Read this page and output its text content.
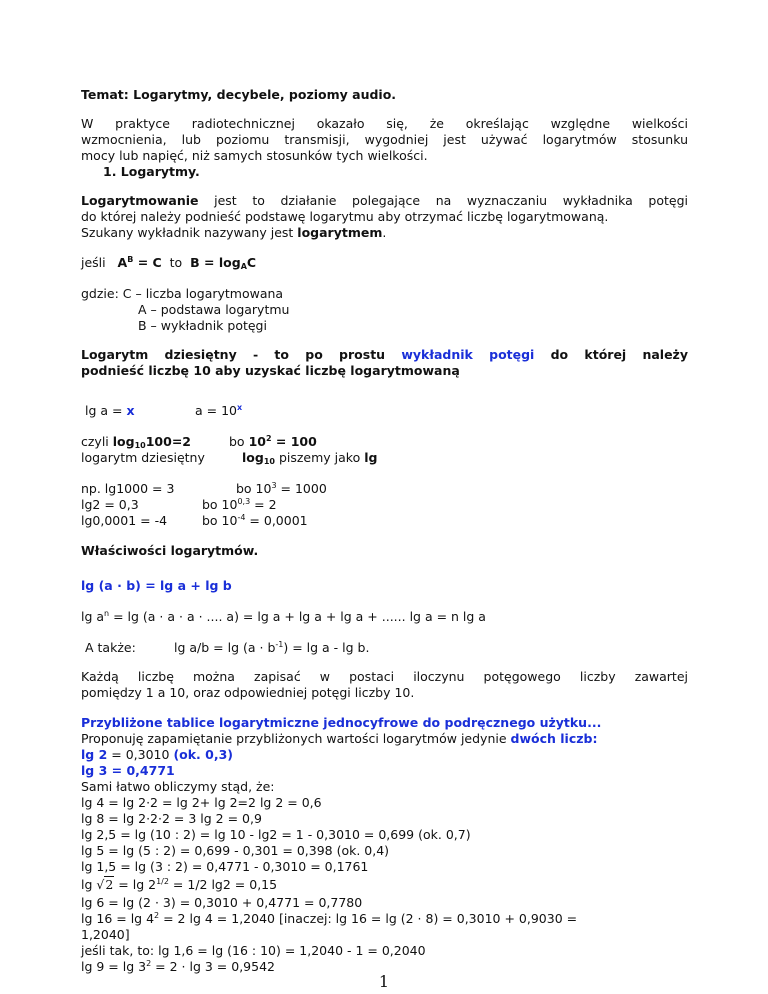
Temat: Logarytmy, decybele, poziomy audio.
W praktyce radiotechnicznej okazało się, że określając względne wielkości
wzmocnienia, lub poziomu transmisji, wygodniej jest używać logarytmów stosunku
mocy lub napięć, niż samych stosunków tych wielkości.
1. Logarytmy.
Logarytmowanie jest to działanie polegające na wyznaczaniu wykładnika potęgi
do której należy podnieść podstawę logarytmu aby otrzymać liczbę logarytmowaną.
Szukany wykładnik nazywany jest logarytmem.
jeśli $A^B = C$ to $B = \log_AC$
gdzie: C – liczba logarytmowana
A – podstawa logarytmu
B – wykładnik potęgi
Logarytm dziesiętny - to po prostu wykładnik potęgi do której należy
podnieść liczbę 10 aby uzyskać liczbę logarytmowaną
lg a = x	$a = 10^x$
czyli $\log_{10}100=2$	bo $10^2 = 100$
logarytm dziesiętny	$\log_{10}$ piszemy jako lg
np. lg1000 = 3	bo $10^3 = 1000$
lg2 = 0,3	bo $10^{0,3} = 2$
lg0,0001 = -4	bo $10^{-4} = 0,0001$
Właściwości logarytmów.
lg (a · b) = lg a + lg b
$\lg a^n = \lg (a \cdot a \cdot a$ · .... a) = lg a + lg a + lg a + ...... lg a = n lg a
A także:	$\lg a/b = \lg (a \cdot b^{-1}) = \lg a - \lg b$.
Każdą liczbę można zapisać w postaci iloczynu potęgowego liczby zawartej
pomiędzy 1 a 10, oraz odpowiedniej potęgi liczby 10.
Przybliżone tablice logarytmiczne jednocyfrowe do podręcznego użytku...
Proponuję zapamiętanie przybliżonych wartości logarytmów jedynie dwóch liczb:
lg 2 = 0,3010 (ok. 0,3)
lg 3 = 0,4771
Sami łatwo obliczymy stąd, że:
lg 4 = lg 2·2 = lg 2+ lg 2=2 lg 2 = 0,6
lg 8 = lg 2·2·2 = 3 lg 2 = 0,9
lg 2,5 = lg (10 : 2) = lg 10 - lg2 = 1 - 0,3010 = 0,699 (ok. 0,7)
lg 5 = lg (5 : 2) = 0,699 - 0,301 = 0,398 (ok. 0,4)
lg 1,5 = lg (3 : 2) = 0,4771 - 0,3010 = 0,1761
$\lg √2 = \lg 2^{1/2} = 1/2$ lg2 = 0,15
lg 6 = lg (2 · 3) = 0,3010 + 0,4771 = 0,7780
$\lg 16 = \lg 4^2 = 2$ lg 4 = 1,2040 [inaczej: lg 16 = lg (2 · 8) = 0,3010 + 0,9030 =
1,2040]
jeśli tak, to: lg 1,6 = lg (16 : 10) = 1,2040 - 1 = 0,2040
$\lg 9 = \lg 3^2 = 2 \cdot \lg 3 = 0,9542$
1
